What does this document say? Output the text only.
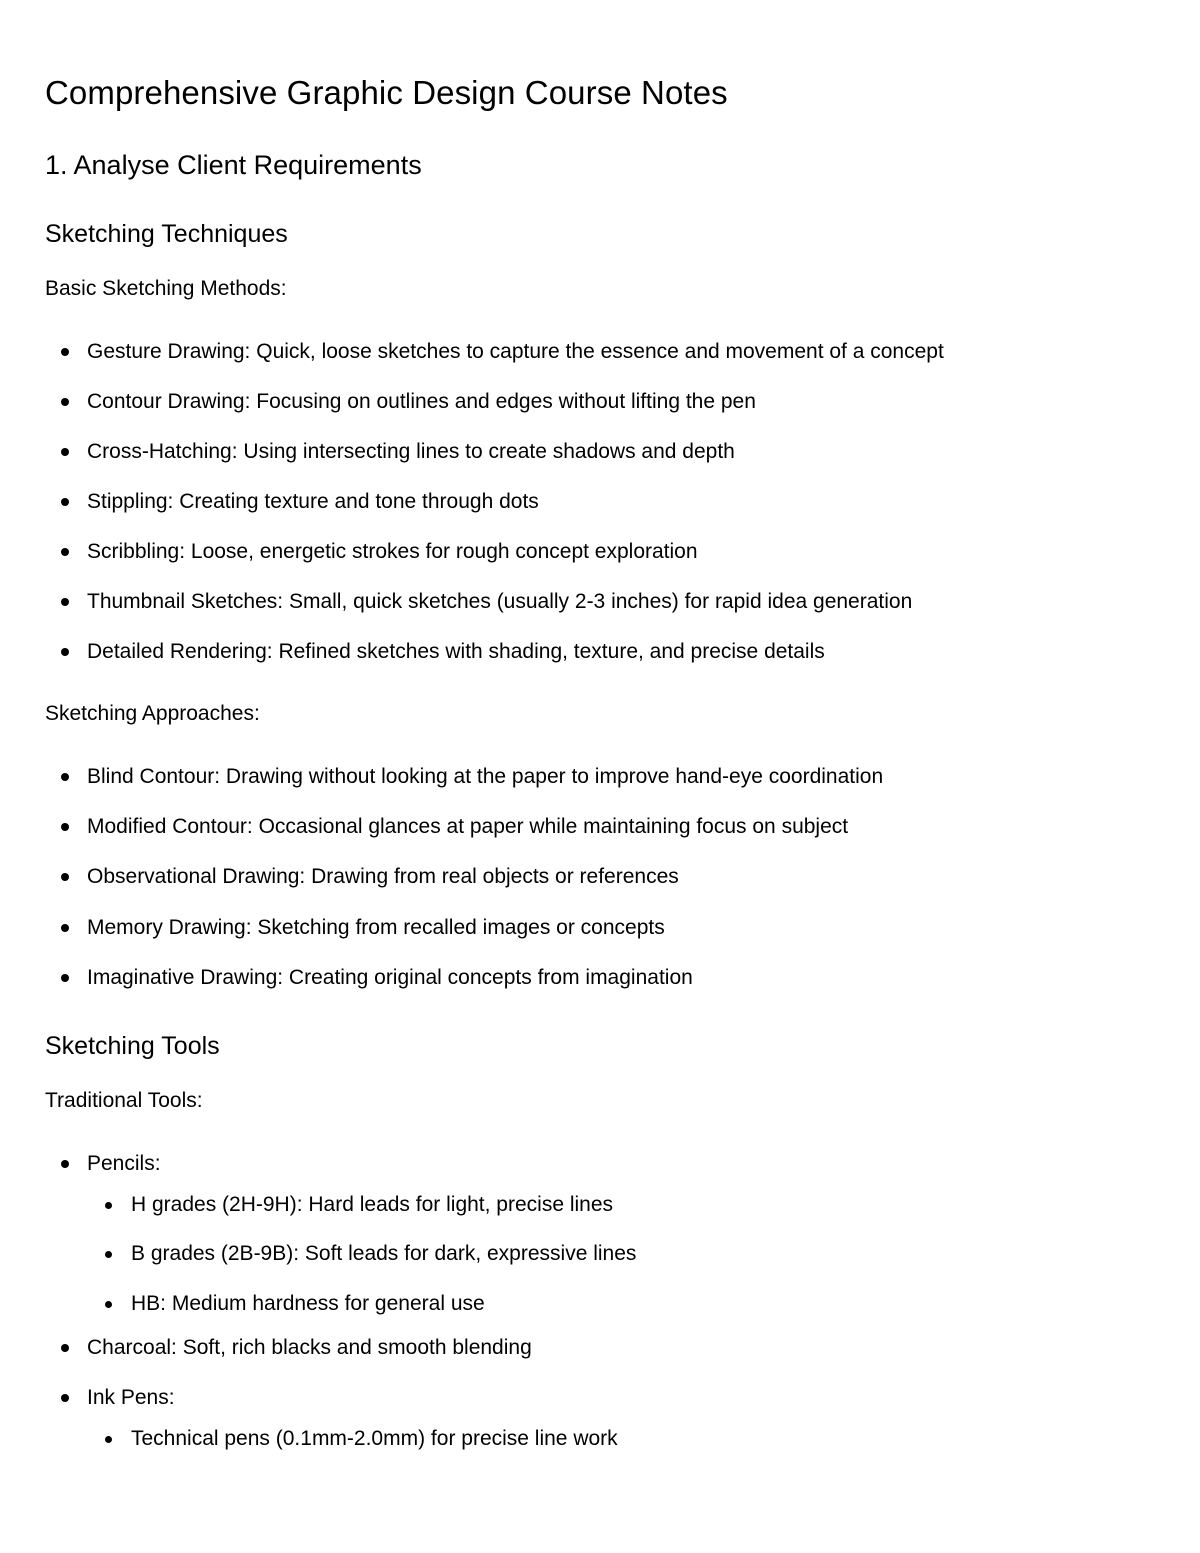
Comprehensive Graphic Design Course Notes
1. Analyse Client Requirements
Sketching Techniques
Basic Sketching Methods:
Gesture Drawing: Quick, loose sketches to capture the essence and movement of a concept
Contour Drawing: Focusing on outlines and edges without lifting the pen
Cross-Hatching: Using intersecting lines to create shadows and depth
Stippling: Creating texture and tone through dots
Scribbling: Loose, energetic strokes for rough concept exploration
Thumbnail Sketches: Small, quick sketches (usually 2-3 inches) for rapid idea generation
Detailed Rendering: Refined sketches with shading, texture, and precise details
Sketching Approaches:
Blind Contour: Drawing without looking at the paper to improve hand-eye coordination
Modified Contour: Occasional glances at paper while maintaining focus on subject
Observational Drawing: Drawing from real objects or references
Memory Drawing: Sketching from recalled images or concepts
Imaginative Drawing: Creating original concepts from imagination
Sketching Tools
Traditional Tools:
Pencils:
H grades (2H-9H): Hard leads for light, precise lines
B grades (2B-9B): Soft leads for dark, expressive lines
HB: Medium hardness for general use
Charcoal: Soft, rich blacks and smooth blending
Ink Pens:
Technical pens (0.1mm-2.0mm) for precise line work
